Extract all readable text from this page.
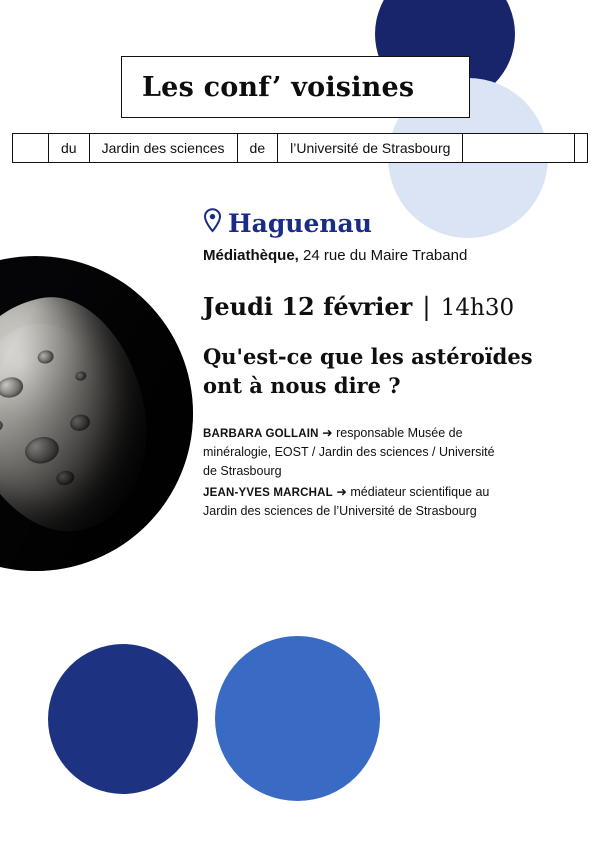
Les conf’ voisines
du	Jardin des sciences	de	l’Université de Strasbourg
Haguenau
Médiathèque, 24 rue du Maire Traband
Jeudi 12 février | 14h30
Qu'est-ce que les astéroïdes ont à nous dire ?

BARBARA GOLLAIN ➜ responsable Musée de minéralogie, EOST / Jardin des sciences / Université de Strasbourg

JEAN-YVES MARCHAL ➜ médiateur scientifique au Jardin des sciences de l’Université de Strasbourg
